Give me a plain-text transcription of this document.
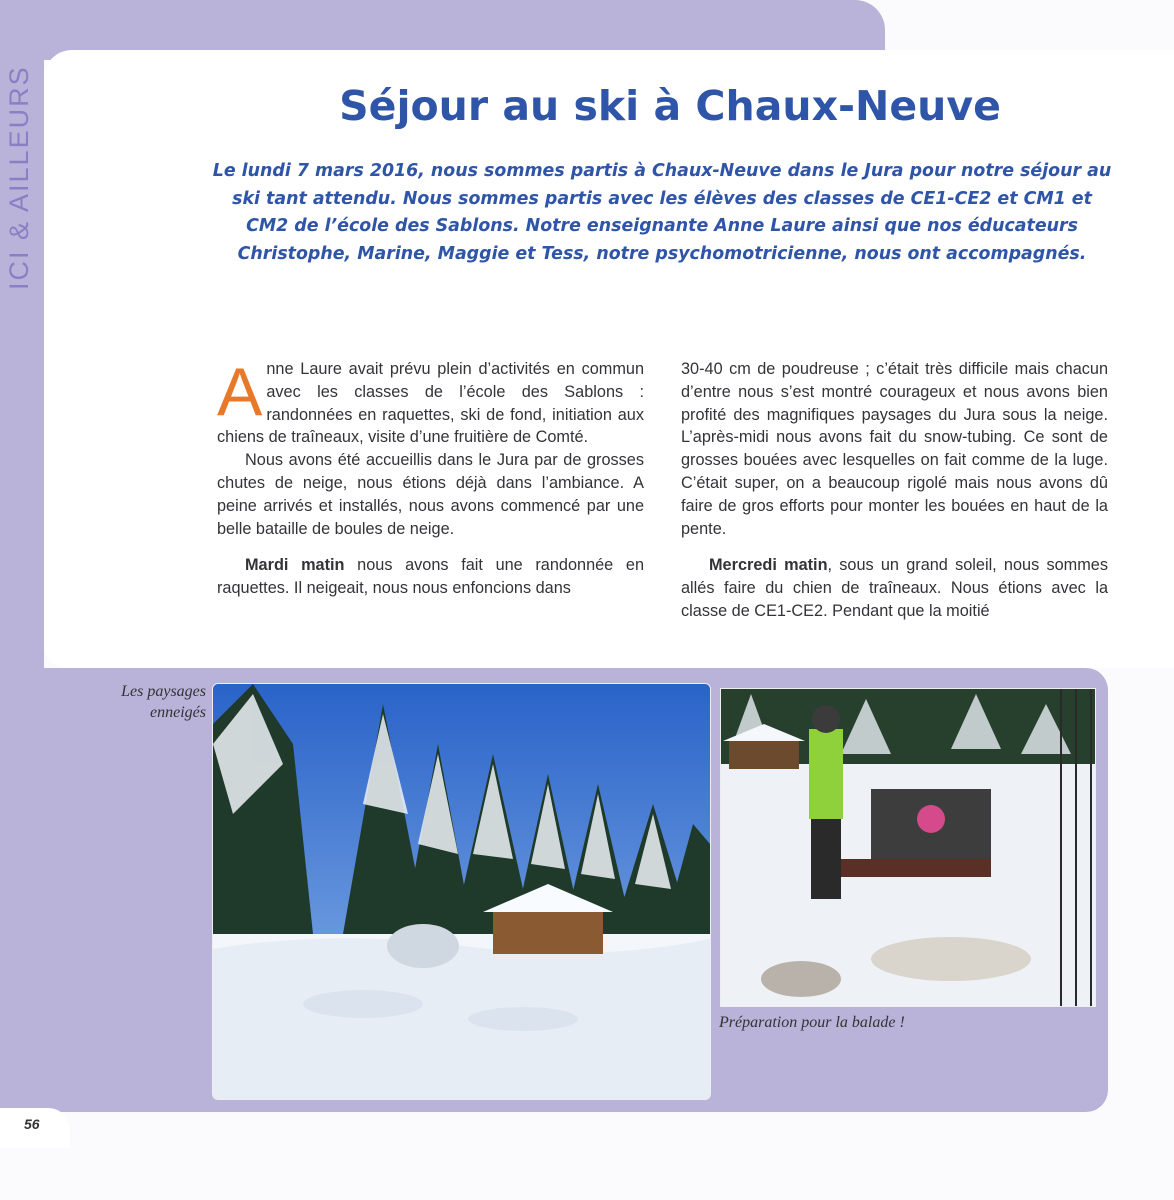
Séjour au ski à Chaux-Neuve

Le lundi 7 mars 2016, nous sommes partis à Chaux-Neuve dans le Jura pour notre séjour au ski tant attendu. Nous sommes partis avec les élèves des classes de CE1-CE2 et CM1 et CM2 de l’école des Sablons. Notre enseignante Anne Laure ainsi que nos éducateurs Christophe, Marine, Maggie et Tess, notre psychomotricienne, nous ont accompagnés.

Anne Laure avait prévu plein d’activités en commun avec les classes de l’école des Sablons : randonnées en raquettes, ski de fond, initiation aux chiens de traîneaux, visite d’une fruitière de Comté.

Nous avons été accueillis dans le Jura par de grosses chutes de neige, nous étions déjà dans l’ambiance. A peine arrivés et installés, nous avons commencé par une belle bataille de boules de neige.

Mardi matin nous avons fait une randonnée en raquettes. Il neigeait, nous nous enfoncions dans

30-40 cm de poudreuse ; c’était très difficile mais chacun d’entre nous s’est montré courageux et nous avons bien profité des magnifiques paysages du Jura sous la neige. L’après-midi nous avons fait du snow-tubing. Ce sont de grosses bouées avec lesquelles on fait comme de la luge. C’était super, on a beaucoup rigolé mais nous avons dû faire de gros efforts pour monter les bouées en haut de la pente.

Mercredi matin, sous un grand soleil, nous sommes allés faire du chien de traîneaux. Nous étions avec la classe de CE1-CE2. Pendant que la moitié

Les paysages enneigés
Préparation pour la balade !
56
